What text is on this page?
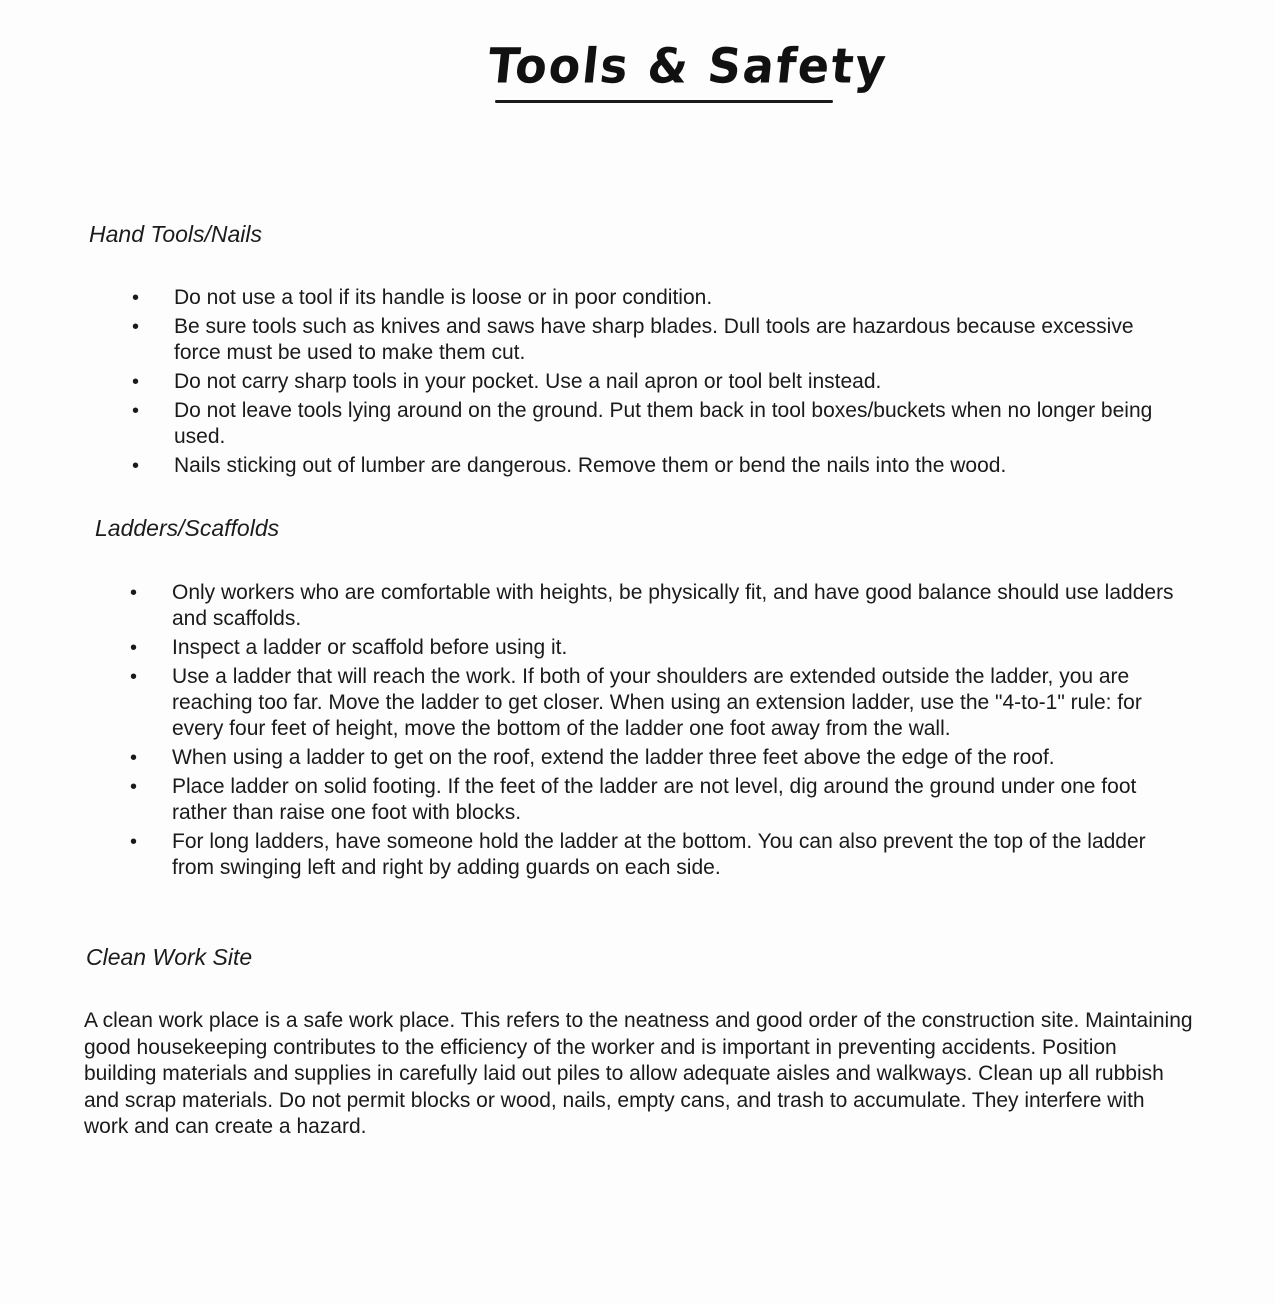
Tools & Safety
Hand Tools/Nails
• Do not use a tool if its handle is loose or in poor condition.
• Be sure tools such as knives and saws have sharp blades. Dull tools are hazardous because excessive force must be used to make them cut.
• Do not carry sharp tools in your pocket. Use a nail apron or tool belt instead.
• Do not leave tools lying around on the ground. Put them back in tool boxes/buckets when no longer being used.
• Nails sticking out of lumber are dangerous. Remove them or bend the nails into the wood.
Ladders/Scaffolds
• Only workers who are comfortable with heights, be physically fit, and have good balance should use ladders and scaffolds.
• Inspect a ladder or scaffold before using it.
• Use a ladder that will reach the work. If both of your shoulders are extended outside the ladder, you are reaching too far. Move the ladder to get closer. When using an extension ladder, use the "4-to-1" rule: for every four feet of height, move the bottom of the ladder one foot away from the wall.
• When using a ladder to get on the roof, extend the ladder three feet above the edge of the roof.
• Place ladder on solid footing. If the feet of the ladder are not level, dig around the ground under one foot rather than raise one foot with blocks.
• For long ladders, have someone hold the ladder at the bottom. You can also prevent the top of the ladder from swinging left and right by adding guards on each side.
Clean Work Site
A clean work place is a safe work place. This refers to the neatness and good order of the construction site. Maintaining good housekeeping contributes to the efficiency of the worker and is important in preventing accidents. Position building materials and supplies in carefully laid out piles to allow adequate aisles and walkways. Clean up all rubbish and scrap materials. Do not permit blocks or wood, nails, empty cans, and trash to accumulate. They interfere with work and can create a hazard.
